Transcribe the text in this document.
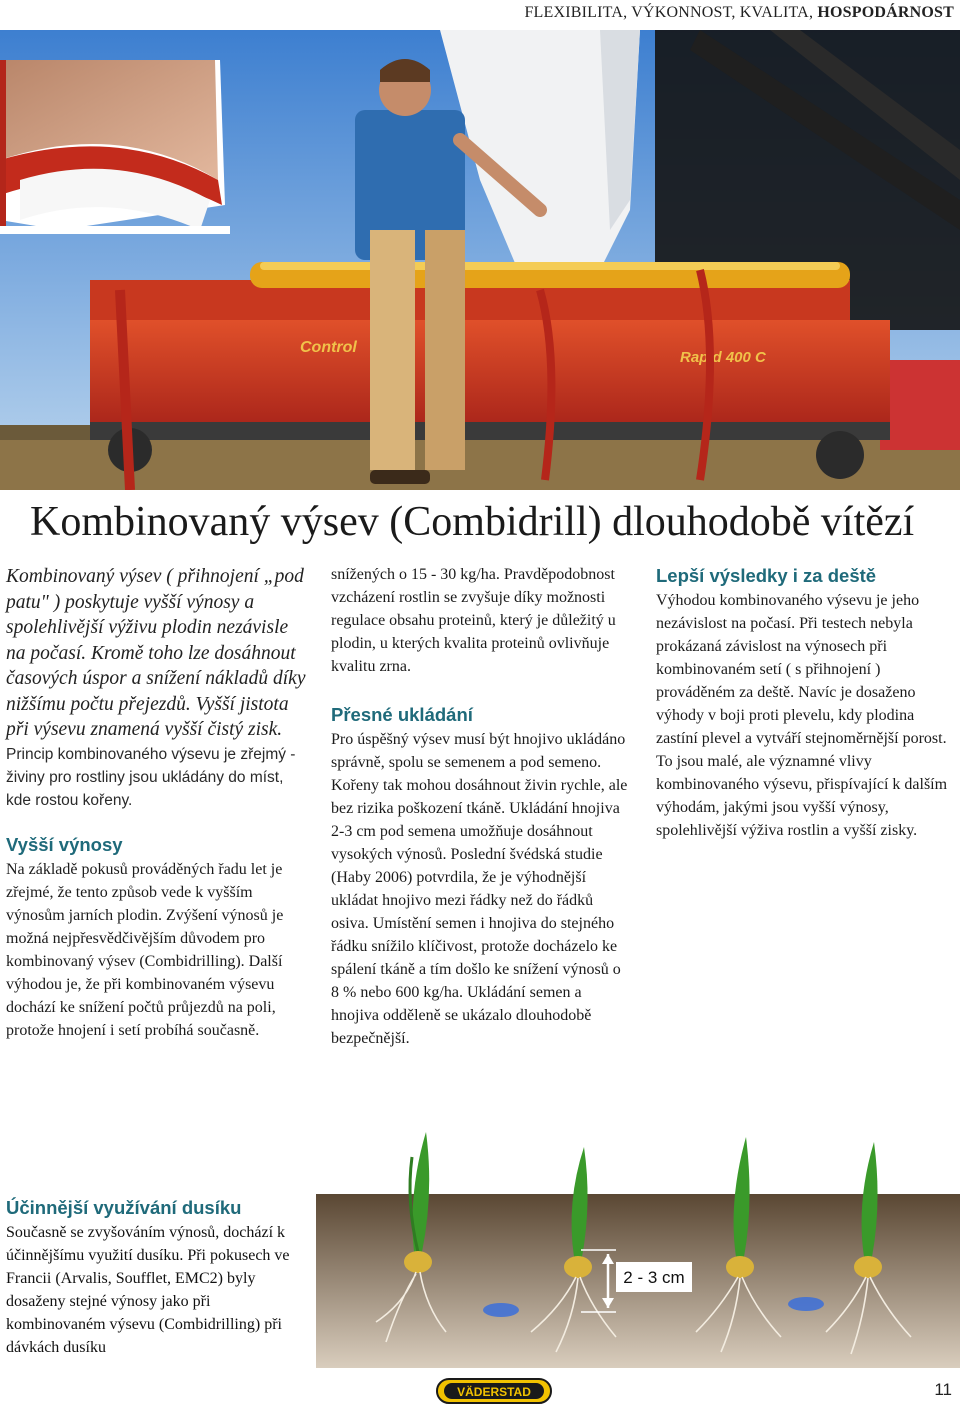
FLEXIBILITA, VÝKONNOST, KVALITA, HOSPODÁRNOST
Control
Rapid 400 C
Kombinovaný výsev (Combidrill) dlouhodobě vítězí

Kombinovaný výsev ( přihnojení „pod patu" ) poskytuje vyšší výnosy a spolehlivější výživu plodin nezávisle na počasí. Kromě toho lze dosáhnout časových úspor a snížení nákladů díky nižšímu počtu přejezdů. Vyšší jistota při výsevu znamená vyšší čistý zisk.

Princip kombinovaného výsevu je zřejmý - živiny pro rostliny jsou ukládány do míst, kde rostou kořeny.

Vyšší výnosy

Na základě pokusů prováděných řadu let je zřejmé, že tento způsob vede k vyšším výnosům jarních plodin. Zvýšení výnosů je možná nejpřesvědčivějším důvodem pro kombinovaný výsev (Combidrilling). Další výhodou je, že při kombinovaném výsevu dochází ke snížení počtů průjezdů na poli, protože hnojení i setí probíhá současně.

snížených o 15 - 30 kg/ha. Pravděpodobnost vzcházení rostlin se zvyšuje díky možnosti regulace obsahu proteinů, který je důležitý u plodin, u kterých kvalita proteinů ovlivňuje kvalitu zrna.

Přesné ukládání

Pro úspěšný výsev musí být hnojivo ukládáno správně, spolu se semenem a pod semeno. Kořeny tak mohou dosáhnout živin rychle, ale bez rizika poškození tkáně. Ukládání hnojiva 2-3 cm pod semena umožňuje dosáhnout vysokých výnosů. Poslední švédská studie (Haby 2006) potvrdila, že je výhodnější ukládat hnojivo mezi řádky než do řádků osiva. Umístění semen i hnojiva do stejného řádku snížilo klíčivost, protože docházelo ke spálení tkáně a tím došlo ke snížení výnosů o 8 % nebo 600 kg/ha. Ukládání semen a hnojiva odděleně se ukázalo dlouhodobě bezpečnější.

Lepší výsledky i za deště

Výhodou kombinovaného výsevu je jeho nezávislost na počasí. Při testech nebyla prokázaná závislost na výnosech při kombinovaném setí ( s přihnojení ) prováděném za deště. Navíc je dosaženo výhody v boji proti plevelu, kdy plodina zastíní plevel a vytváří stejnoměrnější porost. To jsou malé, ale významné vlivy kombinovaného výsevu, přispívající k dalším výhodám, jakými jsou vyšší výnosy, spolehlivější výživa rostlin a vyšší zisky.

Účinnější využívání dusíku

Současně se zvyšováním výnosů, dochází k účinnějšímu využití dusíku. Při pokusech ve Francii (Arvalis, Soufflet, EMC2) byly dosaženy stejné výnosy jako při kombinovaném výsevu (Combidrilling) při dávkách dusíku

2 - 3 cm
VÄDERSTAD	11
